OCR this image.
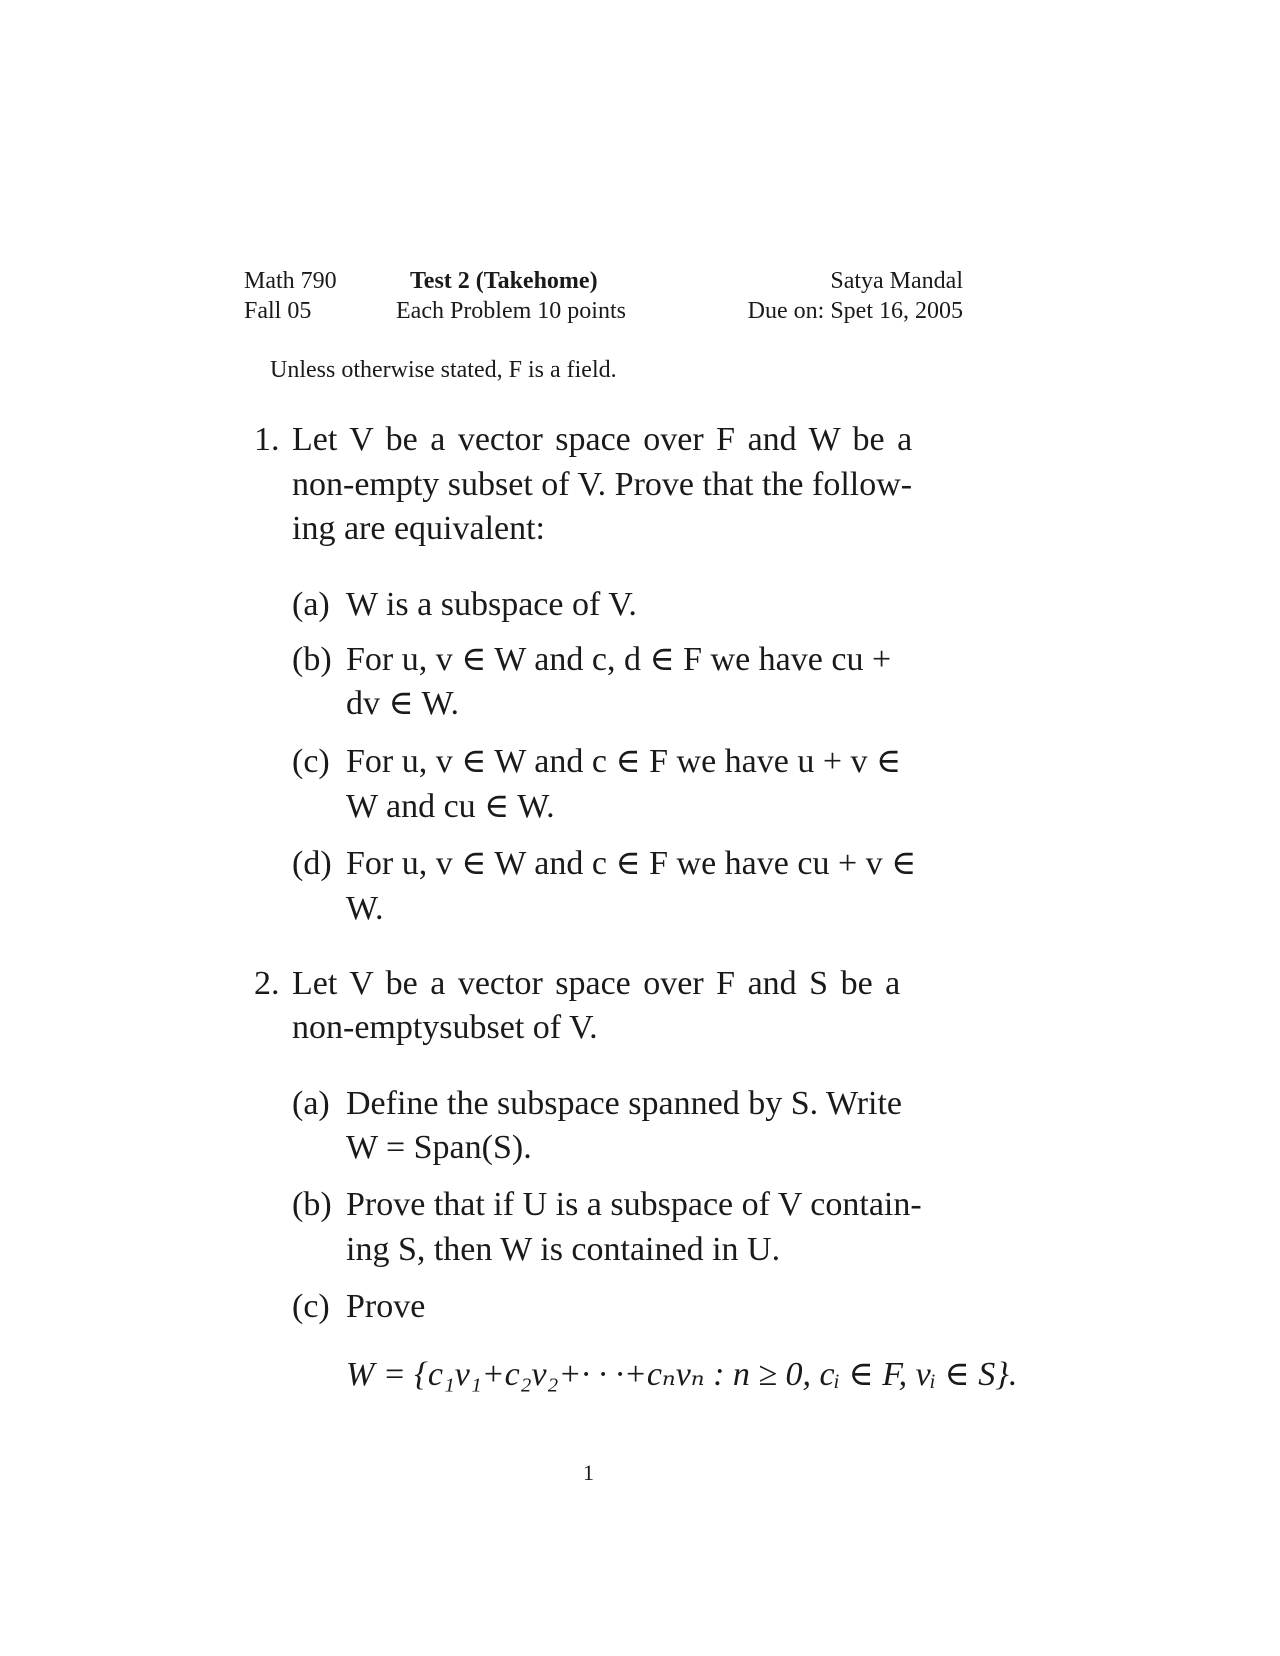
Math 790
Fall 05
Test 2 (Takehome)
Each Problem 10 points
Satya Mandal
Due on: Spet 16, 2005
Unless otherwise stated, F is a field.
1. Let V be a vector space over F and W be a
non-empty subset of V. Prove that the follow-
ing are equivalent:
(a) W is a subspace of V.
(b) For u, v ∈ W and c, d ∈ F we have cu +
dv ∈ W.
(c) For u, v ∈ W and c ∈ F we have u + v ∈
W and cu ∈ W.
(d) For u, v ∈ W and c ∈ F we have cu + v ∈
W.
2. Let V be a vector space over F and S be a
non-emptysubset of V.
(a) Define the subspace spanned by S. Write
W = Span(S).
(b) Prove that if U is a subspace of V contain-
ing S, then W is contained in U.
(c) Prove
W = {c₁v₁+c₂v₂+· · ·+cₙvₙ : n ≥ 0, cᵢ ∈ F, vᵢ ∈ S}.
1
